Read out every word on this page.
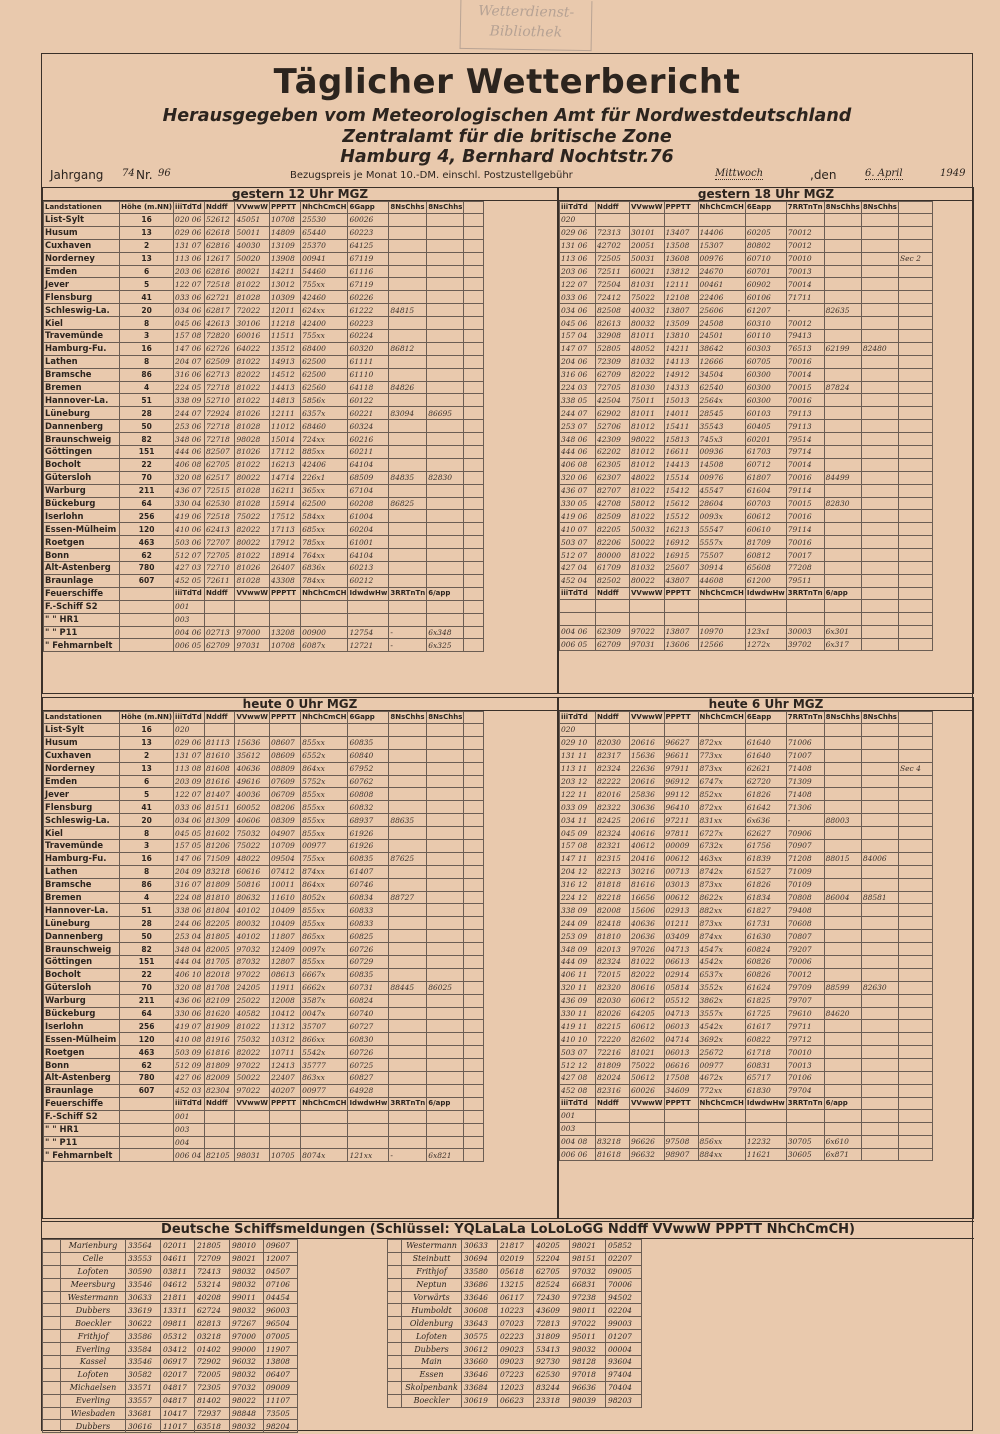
Wetterdienst-
Bibliothek
Täglicher Wetterbericht
Herausgegeben vom Meteorologischen Amt für Nordwestdeutschland
Zentralamt für die britische Zone
Hamburg 4, Bernhard Nochtstr.76
Jahrgang 74 Nr. 96	Bezugspreis je Monat 10.-DM. einschl. Postzustellgebühr	Mittwoch	,den	6. April	1949
gestern 12 Uhr MGZ
Landstationen	Höhe (m.NN)	iiiTdTd	Nddff	VVwwW	PPPTT	NhChCmCH	6Gapp	8NsChhs	8NsChhs	
List-Sylt	16	020 06	52612	45051	10708	25530	60026			
Husum	13	029 06	62618	50011	14809	65440	60223			
Cuxhaven	2	131 07	62816	40030	13109	25370	64125			
Norderney	13	113 06	12617	50020	13908	00941	67119			
Emden	6	203 06	62816	80021	14211	54460	61116			
Jever	5	122 07	72518	81022	13012	755xx	67119			
Flensburg	41	033 06	62721	81028	10309	42460	60226			
Schleswig-La.	20	034 06	62817	72022	12011	624xx	61222	84815		
Kiel	8	045 06	42613	30106	11218	42400	60223			
Travemünde	3	157 08	72820	60016	11511	755xx	60224			
Hamburg-Fu.	16	147 06	62726	64022	13512	68400	60320	86812		
Lathen	8	204 07	62509	81022	14913	62500	61111			
Bramsche	86	316 06	62713	82022	14512	62500	61110			
Bremen	4	224 05	72718	81022	14413	62560	64118	84826		
Hannover-La.	51	338 09	52710	81022	14813	5856x	60122			
Lüneburg	28	244 07	72924	81026	12111	6357x	60221	83094	86695	
Dannenberg	50	253 06	72718	81028	11012	68460	60324			
Braunschweig	82	348 06	72718	98028	15014	724xx	60216			
Göttingen	151	444 06	82507	81026	17112	885xx	60211			
Bocholt	22	406 08	62705	81022	16213	42406	64104			
Gütersloh	70	320 08	62517	80022	14714	226x1	68509	84835	82830	
Warburg	211	436 07	72515	81028	16211	365xx	67104			
Bückeburg	64	330 04	62530	81028	15914	62500	60208	86825		
Iserlohn	256	419 06	72518	75022	17512	584xx	61004			
Essen-Mülheim	120	410 06	62413	82022	17113	685xx	60204			
Roetgen	463	503 06	72707	80022	17912	785xx	61001			
Bonn	62	512 07	72705	81022	18914	764xx	64104			
Alt-Astenberg	780	427 03	72710	81026	26407	6836x	60213			
Braunlage	607	452 05	72611	81028	43308	784xx	60212			
Feuerschiffe		iiiTdTd	Nddff	VVwwW	PPPTT	NhChCmCH	IdwdwHw	3RRTnTn	6/app	
F.-Schiff S2		001								
" " HR1		003								
" " P11		004 06	02713	97000	13208	00900	12754	-	6x348	
" Fehmarnbelt		006 05	62709	97031	10708	6087x	12721	-	6x325	
gestern 18 Uhr MGZ
iiiTdTd	Nddff	VVwwW	PPPTT	NhChCmCH	6Eapp	7RRTnTn	8NsChhs	8NsChhs	
020									
029 06	72313	30101	13407	14406	60205	70012			
131 06	42702	20051	13508	15307	80802	70012			
113 06	72505	50031	13608	00976	60710	70010			Sec 2
203 06	72511	60021	13812	24670	60701	70013			
122 07	72504	81031	12111	00461	60902	70014			
033 06	72412	75022	12108	22406	60106	71711			
034 06	82508	40032	13807	25606	61207	-	82635		
045 06	82613	80032	13509	24508	60310	70012			
157 04	32908	81011	13810	24501	60110	79413			
147 07	52805	48052	14211	38642	60303	76513	62199	82480	
204 06	72309	81032	14113	12666	60705	70016			
316 06	62709	82022	14912	34504	60300	70014			
224 03	72705	81030	14313	62540	60300	70015	87824		
338 05	42504	75011	15013	2564x	60300	70016			
244 07	62902	81011	14011	28545	60103	79113			
253 07	52706	81012	15411	35543	60405	79113			
348 06	42309	98022	15813	745x3	60201	79514			
444 06	62202	81012	16611	00936	61703	79714			
406 08	62305	81012	14413	14508	60712	70014			
320 06	62307	48022	15514	00976	61807	70016	84499		
436 07	82707	81022	15412	45547	61604	79114			
330 05	42708	58012	15612	28604	60703	70015	82830		
419 06	82509	81022	15512	0093x	60612	70016			
410 07	82205	50032	16213	55547	60610	79114			
503 07	82206	50022	16912	5557x	81709	70016			
512 07	80000	81022	16915	75507	60812	70017			
427 04	61709	81032	25607	30914	65608	77208			
452 04	82502	80022	43807	44608	61200	79511			
iiiTdTd	Nddff	VVwwW	PPPTT	NhChCmCH	IdwdwHw	3RRTnTn	6/app		

004 06	62309	97022	13807	10970	123x1	30003	6x301		
006 05	62709	97031	13606	12566	1272x	39702	6x317		
heute 0 Uhr MGZ
Landstationen	Höhe (m.NN)	iiiTdTd	Nddff	VVwwW	PPPTT	NhChCmCH	6Gapp	8NsChhs	8NsChhs	
List-Sylt	16	020								
Husum	13	029 06	81113	15636	08607	855xx	60835			
Cuxhaven	2	131 07	81610	35612	08609	6552x	60840			
Norderney	13	113 08	81608	40636	08809	864xx	67952			
Emden	6	203 09	81616	49616	07609	5752x	60762			
Jever	5	122 07	81407	40036	06709	855xx	60808			
Flensburg	41	033 06	81511	60052	08206	855xx	60832			
Schleswig-La.	20	034 06	81309	40606	08309	855xx	68937	88635		
Kiel	8	045 05	81602	75032	04907	855xx	61926			
Travemünde	3	157 05	81206	75022	10709	00977	61926			
Hamburg-Fu.	16	147 06	71509	48022	09504	755xx	60835	87625		
Lathen	8	204 09	83218	60616	07412	874xx	61407			
Bramsche	86	316 07	81809	50816	10011	864xx	60746			
Bremen	4	224 08	81810	80632	11610	8052x	60834	88727		
Hannover-La.	51	338 06	81804	40102	10409	855xx	60833			
Lüneburg	28	244 06	82205	80032	10409	855xx	60833			
Dannenberg	50	253 04	81805	40102	11807	865xx	60825			
Braunschweig	82	348 04	82005	97032	12409	0097x	60726			
Göttingen	151	444 04	81705	87032	12807	855xx	60729			
Bocholt	22	406 10	82018	97022	08613	6667x	60835			
Gütersloh	70	320 08	81708	24205	11911	6662x	60731	88445	86025	
Warburg	211	436 06	82109	25022	12008	3587x	60824			
Bückeburg	64	330 06	81620	40582	10412	0047x	60740			
Iserlohn	256	419 07	81909	81022	11312	35707	60727			
Essen-Mülheim	120	410 08	81916	75032	10312	866xx	60830			
Roetgen	463	503 09	61816	82022	10711	5542x	60726			
Bonn	62	512 09	81809	97022	12413	35777	60725			
Alt-Astenberg	780	427 06	82009	50022	22407	863xx	60827			
Braunlage	607	452 03	82304	97022	40207	00977	64928			
Feuerschiffe		iiiTdTd	Nddff	VVwwW	PPPTT	NhChCmCH	IdwdwHw	3RRTnTn	6/app	
F.-Schiff S2		001								
" " HR1		003								
" " P11		004								
" Fehmarnbelt		006 04	82105	98031	10705	8074x	121xx	-	6x821	
heute 6 Uhr MGZ
iiiTdTd	Nddff	VVwwW	PPPTT	NhChCmCH	6Eapp	7RRTnTn	8NsChhs	8NsChhs	
020									
029 10	82030	20616	96627	872xx	61640	71006			
131 11	82317	15636	96611	773xx	61640	71007			
113 11	82324	22636	97911	873xx	62621	71408			Sec 4
203 12	82222	20616	96912	6747x	62720	71309			
122 11	82016	25836	99112	852xx	61826	71408			
033 09	82322	30636	96410	872xx	61642	71306			
034 11	82425	20616	97211	831xx	6x636	-	88003		
045 09	82324	40616	97811	6727x	62627	70906			
157 08	82321	40612	00009	6732x	61756	70907			
147 11	82315	20416	00612	463xx	61839	71208	88015	84006	
204 12	82213	30216	00713	8742x	61527	71009			
316 12	81818	81616	03013	873xx	61826	70109			
224 12	82218	16656	00612	8622x	61834	70808	86004	88581	
338 09	82008	15606	02913	882xx	61827	79408			
244 09	82418	40636	01211	873xx	61731	70608			
253 09	81810	20636	03409	874xx	61630	70807			
348 09	82013	97026	04713	4547x	60824	79207			
444 09	82324	81022	06613	4542x	60826	70006			
406 11	72015	82022	02914	6537x	60826	70012			
320 11	82320	80616	05814	3552x	61624	79709	88599	82630	
436 09	82030	60612	05512	3862x	61825	79707			
330 11	82026	64205	04713	3557x	61725	79610	84620		
419 11	82215	60612	06013	4542x	61617	79711			
410 10	72220	82602	04714	3692x	60822	79712			
503 07	72216	81021	06013	25672	61718	70010			
512 12	81809	75022	06616	00977	60831	70013			
427 08	82024	50612	17508	4672x	65717	70106			
452 08	82316	60026	34609	772xx	61830	79704			
iiiTdTd	Nddff	VVwwW	PPPTT	NhChCmCH	IdwdwHw	3RRTnTn	6/app		
001									
003									
004 08	83218	96626	97508	856xx	12232	30705	6x610		
006 06	81618	96632	98907	884xx	11621	30605	6x871		
Deutsche Schiffsmeldungen (Schlüssel: YQLaLaLa LoLoLoGG Nddff VVwwW PPPTT NhChCmCH)
	Marienburg	33564	02011	21805	98010	09607
	Celle	33553	04611	72709	98021	12007
	Lofoten	30590	03811	72413	98032	04507
	Meersburg	33546	04612	53214	98032	07106
	Westermann	30633	21811	40208	99011	04454
	Dubbers	33619	13311	62724	98032	96003
	Boeckler	30622	09811	82813	97267	96504
	Frithjof	33586	05312	03218	97000	07005
	Everling	33584	03412	01402	99000	11907
	Kassel	33546	06917	72902	96032	13808
	Lofoten	30582	02017	72005	98032	06407
	Michaelsen	33571	04817	72305	97032	09009
	Everling	33557	04817	81402	98022	11107
	Wiesbaden	33681	10417	72937	98848	73505
	Dubbers	30616	11017	63518	98032	98204
	Westermann	30633	21817	40205	98021	05852
	Steinbutt	30694	02019	52204	98151	02207
	Frithjof	33580	05618	62705	97032	09005
	Neptun	33686	13215	82524	66831	70006
	Vorwärts	33646	06117	72430	97238	94502
	Humboldt	30608	10223	43609	98011	02204
	Oldenburg	33643	07023	72813	97022	99003
	Lofoten	30575	02223	31809	95011	01207
	Dubbers	30612	09023	53413	98032	00004
	Main	33660	09023	92730	98128	93604
	Essen	33646	07223	62530	97018	97404
	Skolpenbank	33684	12023	83244	96636	70404
	Boeckler	30619	06623	23318	98039	98203
